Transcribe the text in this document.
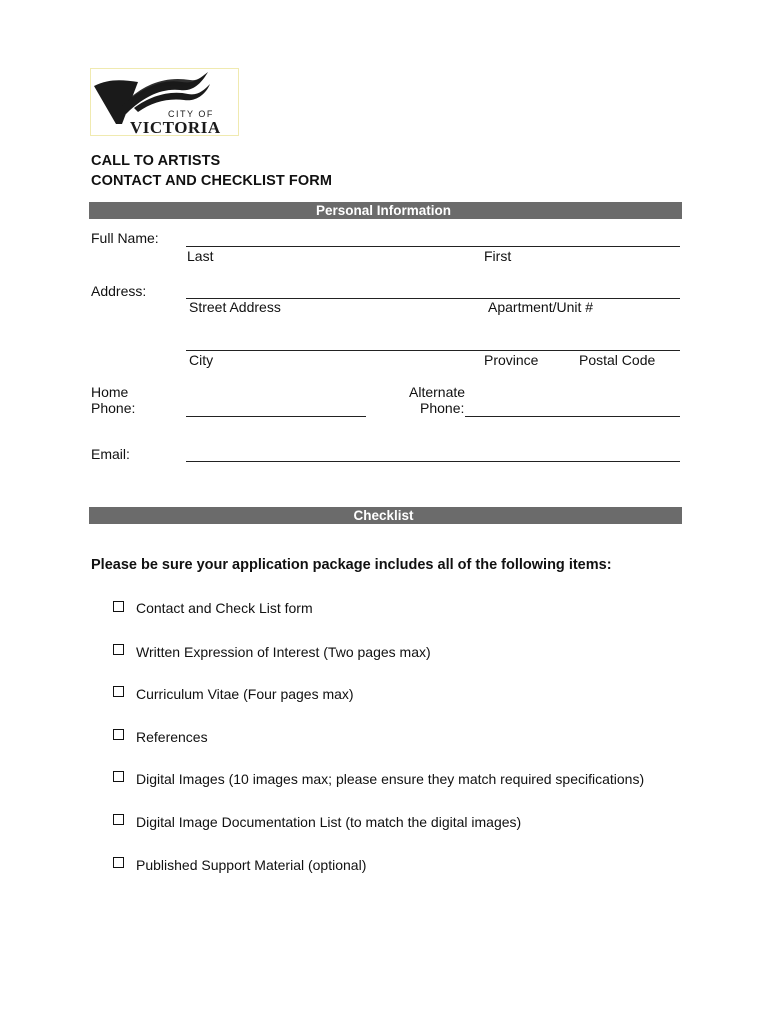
CITY OF
VICTORIA
CALL TO ARTISTS
CONTACT AND CHECKLIST FORM
Personal Information
Full Name:
Last	First
Address:
Street Address	Apartment/Unit #
City	Province	Postal Code
Home
Phone:
Alternate
Phone:
Email:
Checklist
Please be sure your application package includes all of the following items:
Contact and Check List form
Written Expression of Interest (Two pages max)
Curriculum Vitae (Four pages max)
References
Digital Images (10 images max; please ensure they match required specifications)
Digital Image Documentation List (to match the digital images)
Published Support Material (optional)
